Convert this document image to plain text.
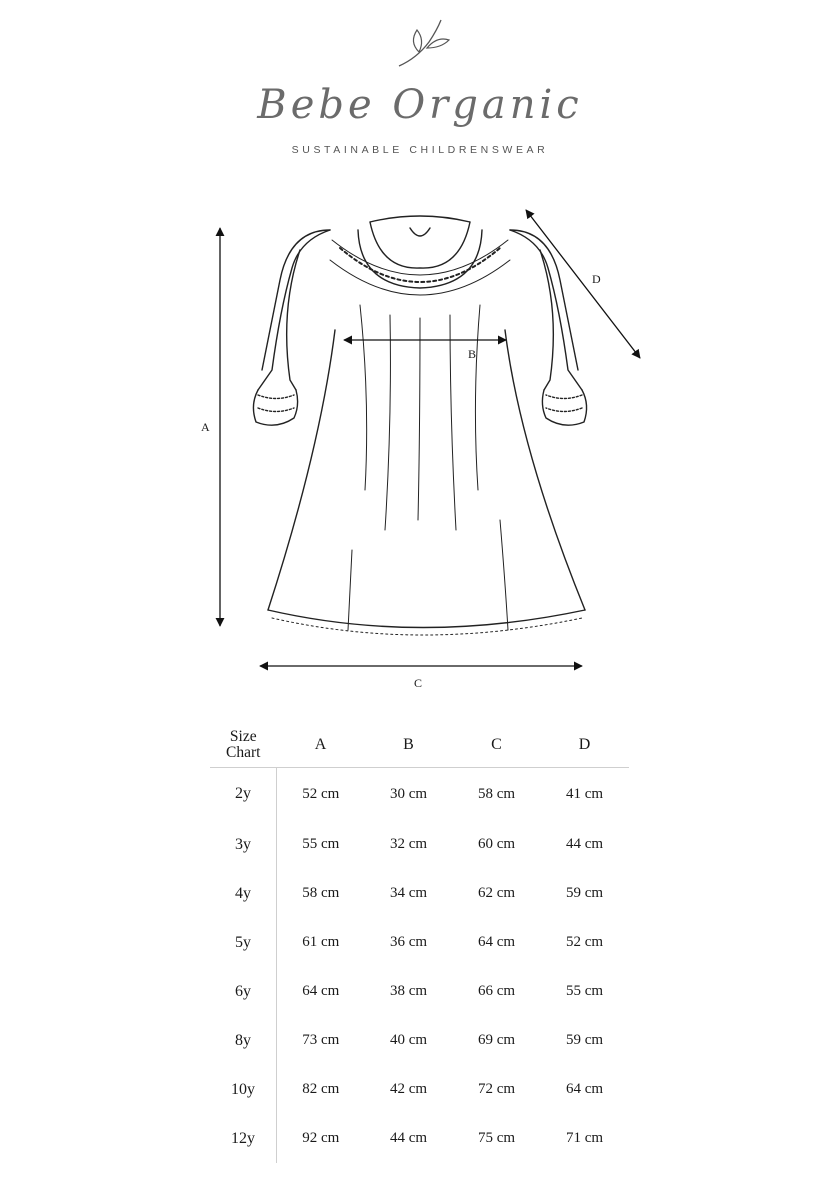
Bebe Organic
SUSTAINABLE CHILDRENSWEAR
A
B
C
D
Size
Chart	A	B	C	D
2y	52 cm	30 cm	58 cm	41 cm
3y	55 cm	32 cm	60 cm	44 cm
4y	58 cm	34 cm	62 cm	59 cm
5y	61 cm	36 cm	64 cm	52 cm
6y	64 cm	38 cm	66 cm	55 cm
8y	73 cm	40 cm	69 cm	59 cm
10y	82 cm	42 cm	72 cm	64 cm
12y	92 cm	44 cm	75 cm	71 cm
